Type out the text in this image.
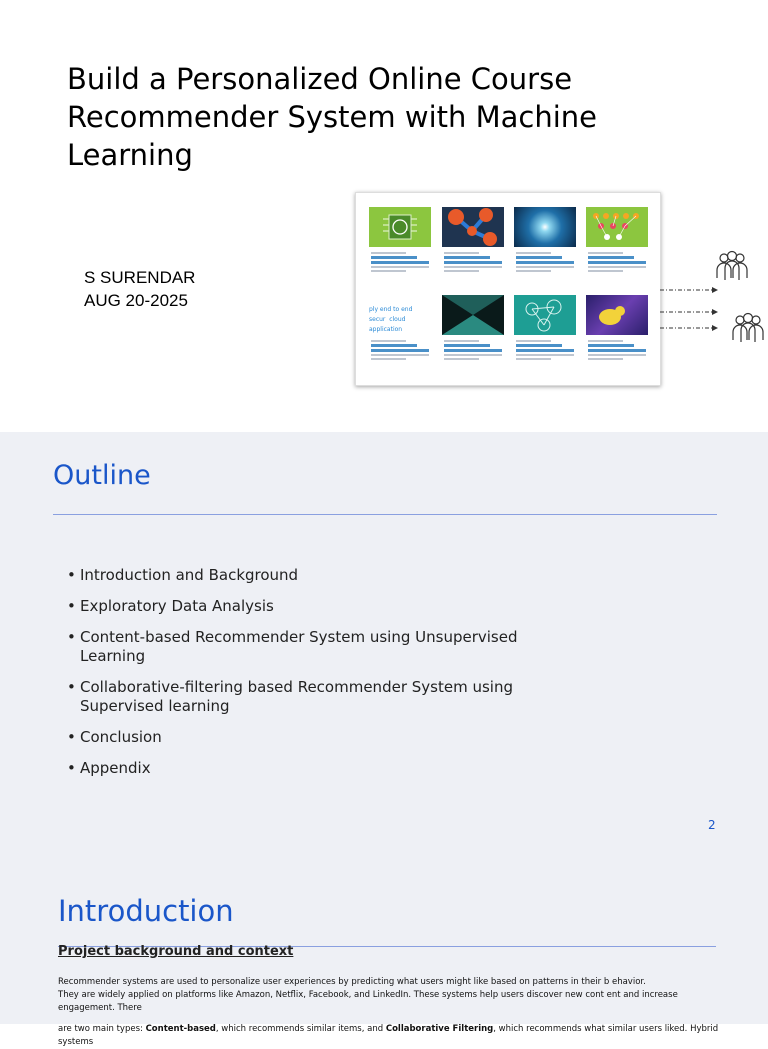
Build a Personalized Online Course Recommender System with Machine Learning
S SURENDAR
AUG 20-2025	ply end to end secur  cloud application
Outline
• Introduction and Background
• Exploratory Data Analysis
• Content-based Recommender System using Unsupervised Learning
• Collaborative-filtering based Recommender System using Supervised learning
• Conclusion
• Appendix
2
Introduction
Project background and context

Recommender systems are used to personalize user experiences by predicting what users might like based on patterns in their b ehavior.

They are widely applied on platforms like Amazon, Netflix, Facebook, and LinkedIn. These systems help users discover new cont ent and increase engagement. There

are two main types: Content-based, which recommends similar items, and Collaborative Filtering, which recommends what similar users liked. Hybrid systems
